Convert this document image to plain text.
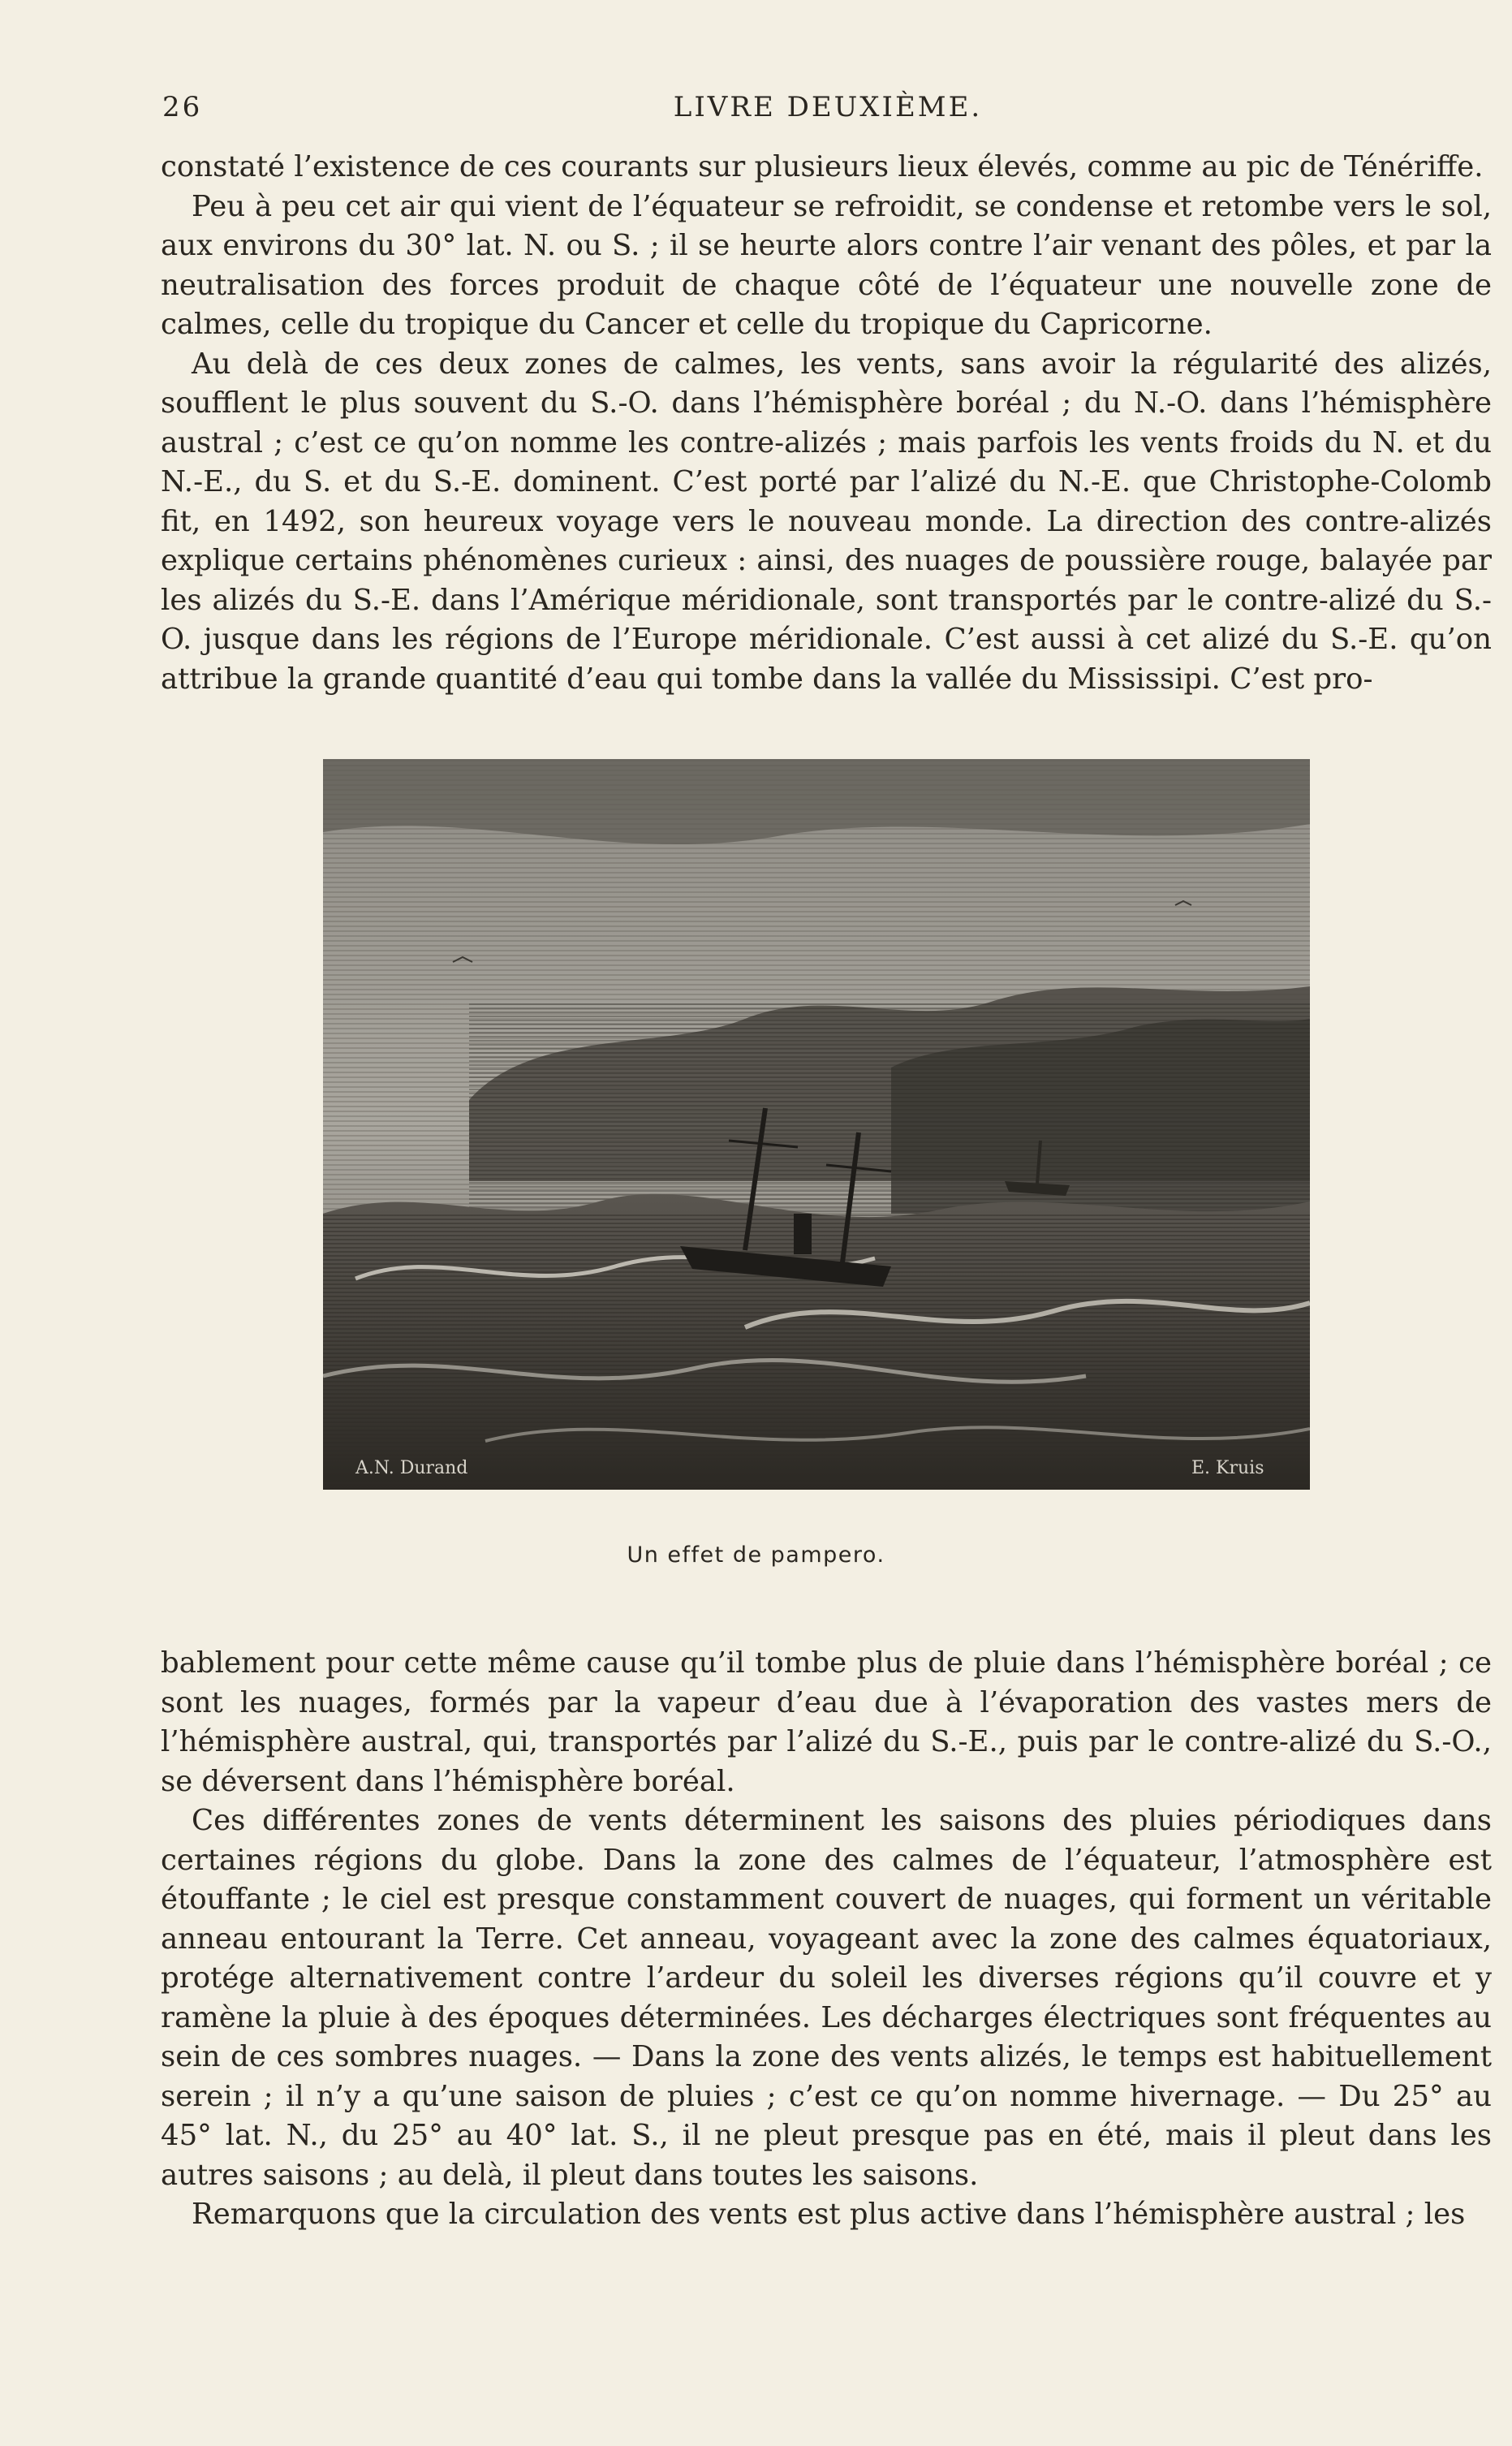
26	LIVRE DEUXIÈME.

constaté l’existence de ces courants sur plusieurs lieux élevés, comme au pic de Ténériffe.

Peu à peu cet air qui vient de l’équateur se refroidit, se condense et retombe vers le sol, aux environs du 30° lat. N. ou S. ; il se heurte alors contre l’air venant des pôles, et par la neutralisation des forces produit de chaque côté de l’équateur une nouvelle zone de calmes, celle du tropique du Cancer et celle du tropique du Capricorne.

Au delà de ces deux zones de calmes, les vents, sans avoir la régularité des alizés, soufflent le plus souvent du S.-O. dans l’hémisphère boréal ; du N.-O. dans l’hémisphère austral ; c’est ce qu’on nomme les contre-alizés ; mais parfois les vents froids du N. et du N.-E., du S. et du S.-E. dominent. C’est porté par l’alizé du N.-E. que Christophe-Colomb fit, en 1492, son heureux voyage vers le nouveau monde. La direction des contre-alizés explique certains phénomènes curieux : ainsi, des nuages de poussière rouge, balayée par les alizés du S.-E. dans l’Amérique méridionale, sont transportés par le contre-alizé du S.-O. jusque dans les régions de l’Europe méridionale. C’est aussi à cet alizé du S.-E. qu’on attribue la grande quantité d’eau qui tombe dans la vallée du Mississipi. C’est pro-

A.N. Durand	E. Kruis
Un effet de pampero.

bablement pour cette même cause qu’il tombe plus de pluie dans l’hémisphère boréal ; ce sont les nuages, formés par la vapeur d’eau due à l’évaporation des vastes mers de l’hémisphère austral, qui, transportés par l’alizé du S.-E., puis par le contre-alizé du S.-O., se déversent dans l’hémisphère boréal.

Ces différentes zones de vents déterminent les saisons des pluies périodiques dans certaines régions du globe. Dans la zone des calmes de l’équateur, l’atmosphère est étouffante ; le ciel est presque constamment couvert de nuages, qui forment un véritable anneau entourant la Terre. Cet anneau, voyageant avec la zone des calmes équatoriaux, protége alternativement contre l’ardeur du soleil les diverses régions qu’il couvre et y ramène la pluie à des époques déterminées. Les décharges électriques sont fréquentes au sein de ces sombres nuages. — Dans la zone des vents alizés, le temps est habituellement serein ; il n’y a qu’une saison de pluies ; c’est ce qu’on nomme hivernage. — Du 25° au 45° lat. N., du 25° au 40° lat. S., il ne pleut presque pas en été, mais il pleut dans les autres saisons ; au delà, il pleut dans toutes les saisons.

Remarquons que la circulation des vents est plus active dans l’hémisphère austral ; les
